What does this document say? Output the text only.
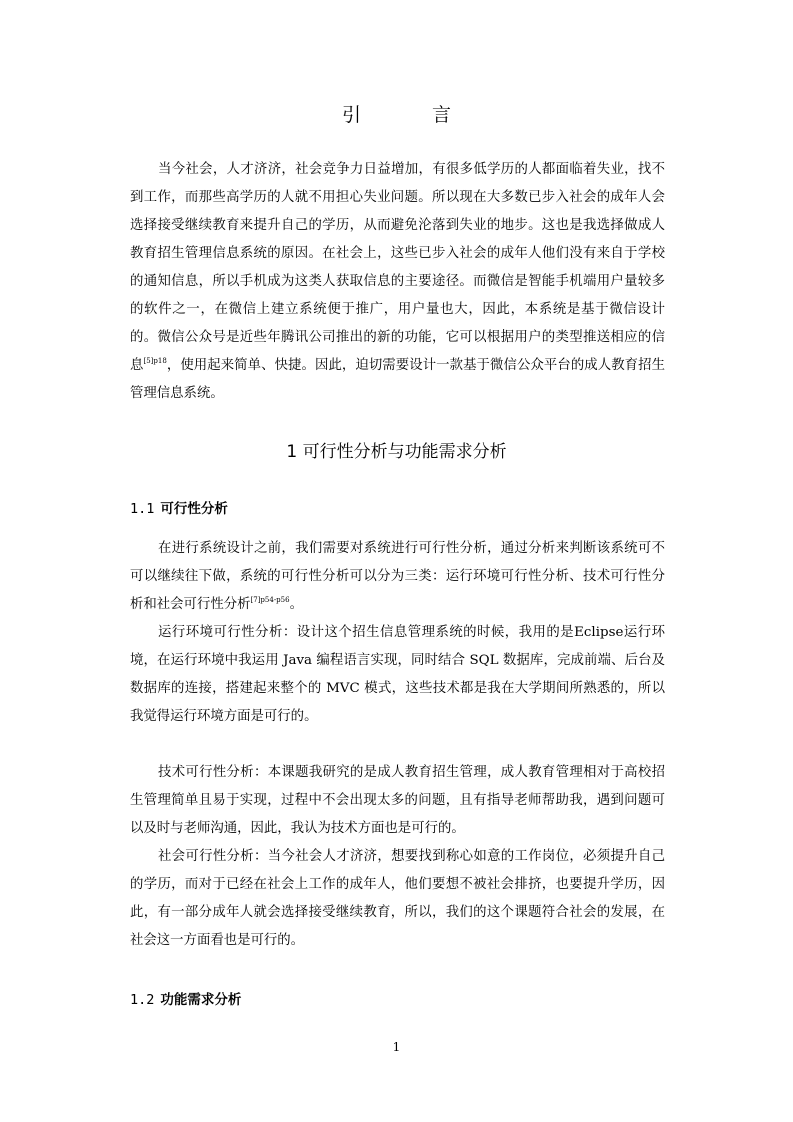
引　言

当今社会，人才济济，社会竞争力日益增加，有很多低学历的人都面临着失业，找不到工作，而那些高学历的人就不用担心失业问题。所以现在大多数已步入社会的成年人会选择接受继续教育来提升自己的学历，从而避免沦落到失业的地步。这也是我选择做成人教育招生管理信息系统的原因。在社会上，这些已步入社会的成年人他们没有来自于学校的通知信息，所以手机成为这类人获取信息的主要途径。而微信是智能手机端用户量较多的软件之一，在微信上建立系统便于推广，用户量也大，因此，本系统是基于微信设计的。微信公众号是近些年腾讯公司推出的新的功能，它可以根据用户的类型推送相应的信息$^{[5]p18}$，使用起来简单、快捷。因此，迫切需要设计一款基于微信公众平台的成人教育招生管理信息系统。

1 可行性分析与功能需求分析
1.1 可行性分析

在进行系统设计之前，我们需要对系统进行可行性分析，通过分析来判断该系统可不可以继续往下做，系统的可行性分析可以分为三类：运行环境可行性分析、技术可行性分析和社会可行性分析$^{[7]p54-p56}$。

运行环境可行性分析：设计这个招生信息管理系统的时候，我用的是Eclipse运行环境，在运行环境中我运用 Java 编程语言实现，同时结合 SQL 数据库，完成前端、后台及数据库的连接，搭建起来整个的 MVC 模式，这些技术都是我在大学期间所熟悉的，所以我觉得运行环境方面是可行的。

技术可行性分析：本课题我研究的是成人教育招生管理，成人教育管理相对于高校招生管理简单且易于实现，过程中不会出现太多的问题，且有指导老师帮助我，遇到问题可以及时与老师沟通，因此，我认为技术方面也是可行的。

社会可行性分析：当今社会人才济济，想要找到称心如意的工作岗位，必须提升自己的学历，而对于已经在社会上工作的成年人，他们要想不被社会排挤，也要提升学历，因此，有一部分成年人就会选择接受继续教育，所以，我们的这个课题符合社会的发展，在社会这一方面看也是可行的。

1.2 功能需求分析
1
